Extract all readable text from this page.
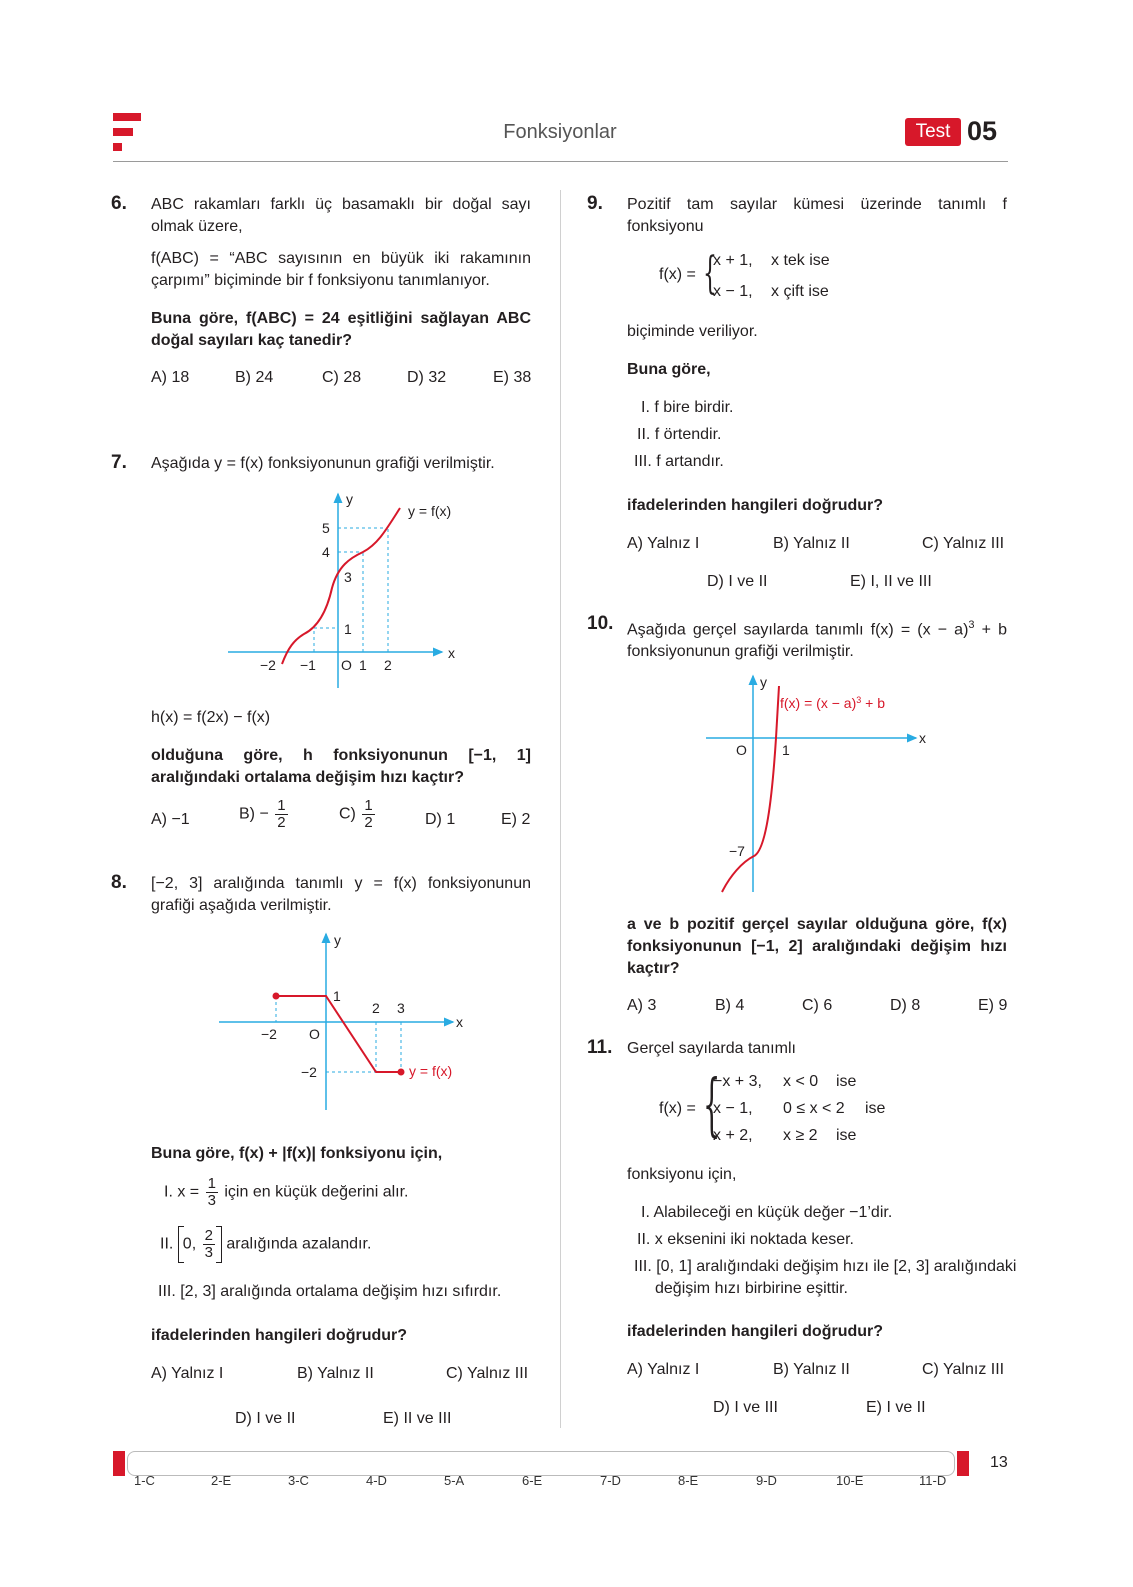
Fonksiyonlar	Test 05
6. ABC rakamları farklı üç basamaklı bir doğal sayı olmak üzere,
f(ABC) = “ABC sayısının en büyük iki rakamının çarpımı” biçiminde bir f fonksiyonu tanımlanıyor.
Buna göre, f(ABC) = 24 eşitliğini sağlayan ABC doğal sayıları kaç tanedir?
A) 18	B) 24	C) 28	D) 32	E) 38
7. Aşağıda y = f(x) fonksiyonunun grafiği verilmiştir.
y = f(x)
x
y
O
−2 −1	1 2
5
4
3
1
h(x) = f(2x) − f(x)
olduğuna göre, h fonksiyonunun [−1, 1] aralığındaki ortalama değişim hızı kaçtır?
A) −1	$B) - \frac{1}{2}$	$C) \frac{1}{2}$	D) 1	E) 2
8. [−2, 3] aralığında tanımlı y = f(x) fonksiyonunun grafiği aşağıda verilmiştir.
y = f(x)
x
y
O
−2
2 3
1
−2
Buna göre, f(x) + |f(x)| fonksiyonu için,
I. $x = \frac{1}{3}$ için en küçük değerini alır.
II. 0, $\frac{2}{3}$ aralığında azalandır.
III. [2, 3] aralığında ortalama değişim hızı sıfırdır.
ifadelerinden hangileri doğrudur?
A) Yalnız I	B) Yalnız II	C) Yalnız III
D) I ve II	E) II ve III
9. Pozitif tam sayılar kümesi üzerinde tanımlı f fonksiyonu
f(x) = {
x + 1, x tek ise
x − 1, x çift ise
biçiminde veriliyor.
Buna göre,
I. f bire birdir.
II. f örtendir.
III. f artandır.
ifadelerinden hangileri doğrudur?
A) Yalnız I	B) Yalnız II	C) Yalnız III
D) I ve II	E) I, II ve III
10. Aşağıda gerçel sayılarda tanımlı $f(x) = (x - a)^3 + b$ fonksiyonunun grafiği verilmiştir.
$f(x) = (x - a)^3 + b$
x
y
O	1
−7
a ve b pozitif gerçel sayılar olduğuna göre, f(x) fonksiyonunun [−1, 2] aralığındaki değişim hızı kaçtır?
A) 3	B) 4	C) 6	D) 8	E) 9
11. Gerçel sayılarda tanımlı
f(x) = {
−x + 3, x < 0 ise
x − 1, 0 ≤ x < 2 ise
x + 2, x ≥ 2 ise
fonksiyonu için,
I. Alabileceği en küçük değer −1’dir.
II. x eksenini iki noktada keser.
III. [0, 1] aralığındaki değişim hızı ile [2, 3] aralığındaki değişim hızı birbirine eşittir.
ifadelerinden hangileri doğrudur?
A) Yalnız I	B) Yalnız II	C) Yalnız III
D) I ve III	E) I ve II
1-C	2-E	3-C	4-D	5-A	6-E	7-D	8-E	9-D	10-E	11-D
13
